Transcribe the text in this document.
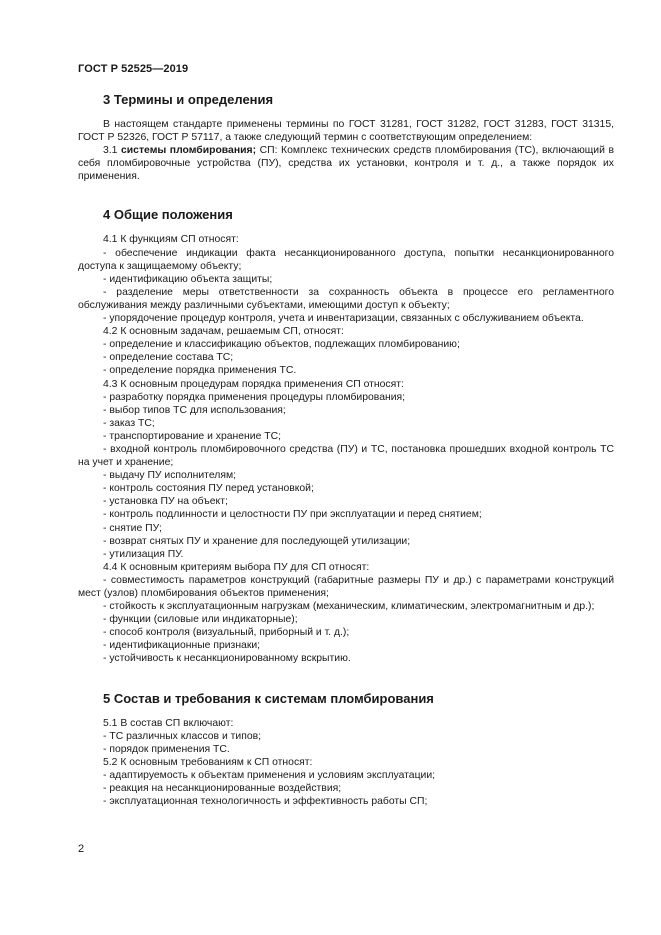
ГОСТ Р 52525—2019
3 Термины и определения

В настоящем стандарте применены термины по ГОСТ 31281, ГОСТ 31282, ГОСТ 31283, ГОСТ 31315, ГОСТ Р 52326, ГОСТ Р 57117, а также следующий термин с соответствующим определением:

3.1 системы пломбирования; СП: Комплекс технических средств пломбирования (ТС), включающий в себя пломбировочные устройства (ПУ), средства их установки, контроля и т. д., а также порядок их применения.

4 Общие положения

4.1 К функциям СП относят:

- обеспечение индикации факта несанкционированного доступа, попытки несанкционированного доступа к защищаемому объекту;

- идентификацию объекта защиты;

- разделение меры ответственности за сохранность объекта в процессе его регламентного обслуживания между различными субъектами, имеющими доступ к объекту;

- упорядочение процедур контроля, учета и инвентаризации, связанных с обслуживанием объекта.

4.2 К основным задачам, решаемым СП, относят:

- определение и классификацию объектов, подлежащих пломбированию;

- определение состава ТС;

- определение порядка применения ТС.

4.3 К основным процедурам порядка применения СП относят:

- разработку порядка применения процедуры пломбирования;

- выбор типов ТС для использования;

- заказ ТС;

- транспортирование и хранение ТС;

- входной контроль пломбировочного средства (ПУ) и ТС, постановка прошедших входной контроль ТС на учет и хранение;

- выдачу ПУ исполнителям;

- контроль состояния ПУ перед установкой;

- установка ПУ на объект;

- контроль подлинности и целостности ПУ при эксплуатации и перед снятием;

- снятие ПУ;

- возврат снятых ПУ и хранение для последующей утилизации;

- утилизация ПУ.

4.4 К основным критериям выбора ПУ для СП относят:

- совместимость параметров конструкций (габаритные размеры ПУ и др.) с параметрами конструкций мест (узлов) пломбирования объектов применения;

- стойкость к эксплуатационным нагрузкам (механическим, климатическим, электромагнитным и др.);

- функции (силовые или индикаторные);

- способ контроля (визуальный, приборный и т. д.);

- идентификационные признаки;

- устойчивость к несанкционированному вскрытию.

5 Состав и требования к системам пломбирования

5.1 В состав СП включают:

- ТС различных классов и типов;

- порядок применения ТС.

5.2 К основным требованиям к СП относят:

- адаптируемость к объектам применения и условиям эксплуатации;

- реакция на несанкционированные воздействия;

- эксплуатационная технологичность и эффективность работы СП;

2
